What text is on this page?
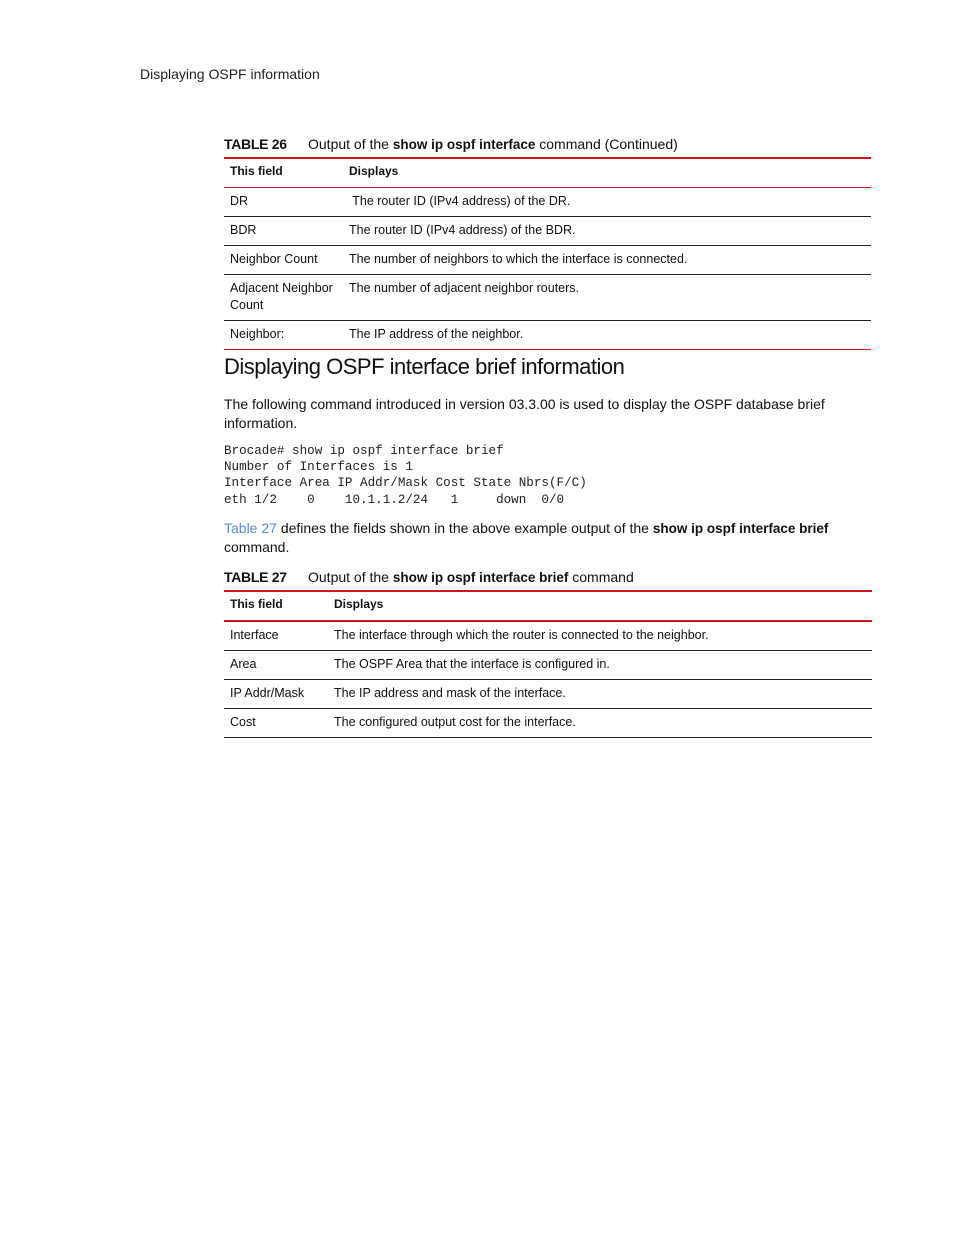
Displaying OSPF information
TABLE 26 Output of the show ip ospf interface command (Continued)
This field	Displays
DR	The router ID (IPv4 address) of the DR.
BDR	The router ID (IPv4 address) of the BDR.
Neighbor Count	The number of neighbors to which the interface is connected.
Adjacent Neighbor Count	The number of adjacent neighbor routers.
Neighbor:	The IP address of the neighbor.
Displaying OSPF interface brief information
The following command introduced in version 03.3.00 is used to display the OSPF database brief information.
Brocade# show ip ospf interface brief
Number of Interfaces is 1
Interface Area IP Addr/Mask Cost State Nbrs(F/C)
eth 1/2    0    10.1.1.2/24   1     down  0/0
Table 27 defines the fields shown in the above example output of the show ip ospf interface brief command.
TABLE 27 Output of the show ip ospf interface brief command
This field	Displays
Interface	The interface through which the router is connected to the neighbor.
Area	The OSPF Area that the interface is configured in.
IP Addr/Mask	The IP address and mask of the interface.
Cost	The configured output cost for the interface.
